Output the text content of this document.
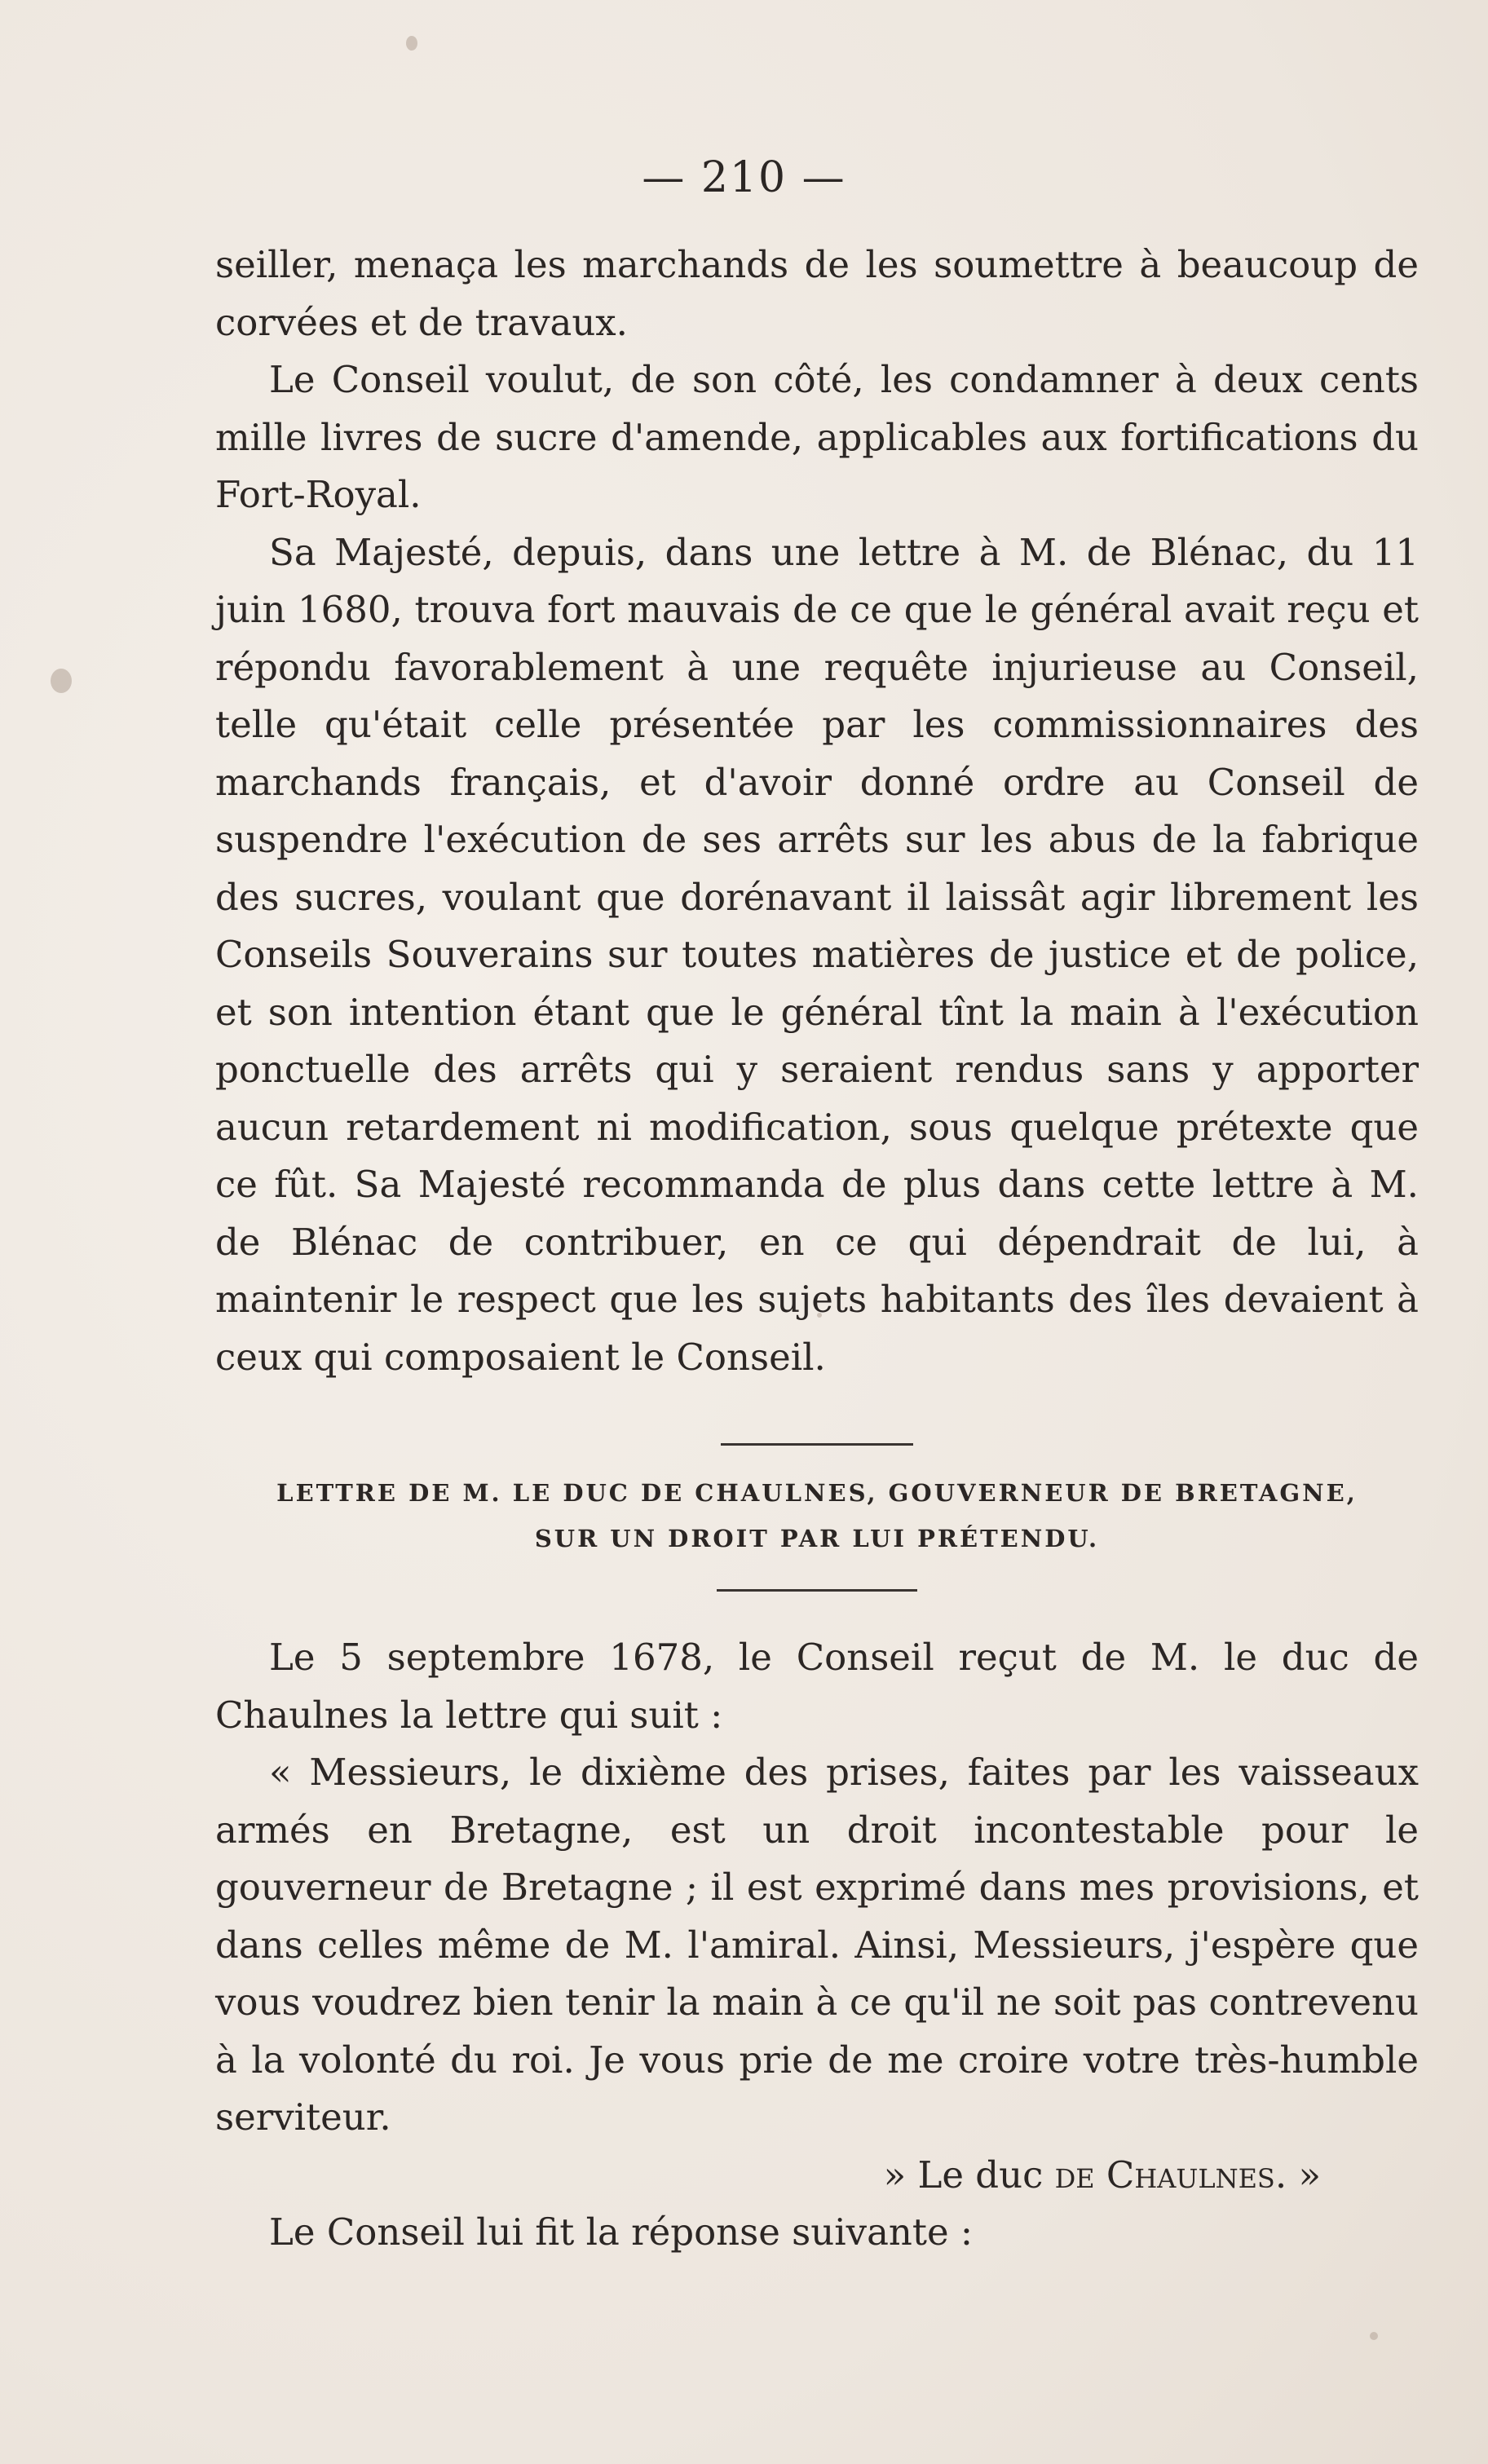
— 210 —

seiller, menaça les marchands de les soumettre à beaucoup de corvées et de travaux.

Le Conseil voulut, de son côté, les condamner à deux cents mille livres de sucre d'amende, applicables aux fortifications du Fort-Royal.

Sa Majesté, depuis, dans une lettre à M. de Blénac, du 11 juin 1680, trouva fort mauvais de ce que le général avait reçu et répondu favorablement à une requête injurieuse au Conseil, telle qu'était celle présentée par les commissionnaires des marchands français, et d'avoir donné ordre au Conseil de suspendre l'exécution de ses arrêts sur les abus de la fabrique des sucres, voulant que dorénavant il laissât agir librement les Conseils Souverains sur toutes matières de justice et de police, et son intention étant que le général tînt la main à l'exécution ponctuelle des arrêts qui y seraient rendus sans y apporter aucun retardement ni modification, sous quelque prétexte que ce fût. Sa Majesté recommanda de plus dans cette lettre à M. de Blénac de contribuer, en ce qui dépendrait de lui, à maintenir le respect que les sujets habitants des îles devaient à ceux qui composaient le Conseil.

LETTRE DE M. LE DUC DE CHAULNES, GOUVERNEUR DE BRETAGNE,

SUR UN DROIT PAR LUI PRÉTENDU.

Le 5 septembre 1678, le Conseil reçut de M. le duc de Chaulnes la lettre qui suit :

« Messieurs, le dixième des prises, faites par les vaisseaux armés en Bretagne, est un droit incontestable pour le gouverneur de Bretagne ; il est exprimé dans mes provisions, et dans celles même de M. l'amiral. Ainsi, Messieurs, j'espère que vous voudrez bien tenir la main à ce qu'il ne soit pas contrevenu à la volonté du roi. Je vous prie de me croire votre très-humble serviteur.

» Le duc de Chaulnes. »

Le Conseil lui fit la réponse suivante :
